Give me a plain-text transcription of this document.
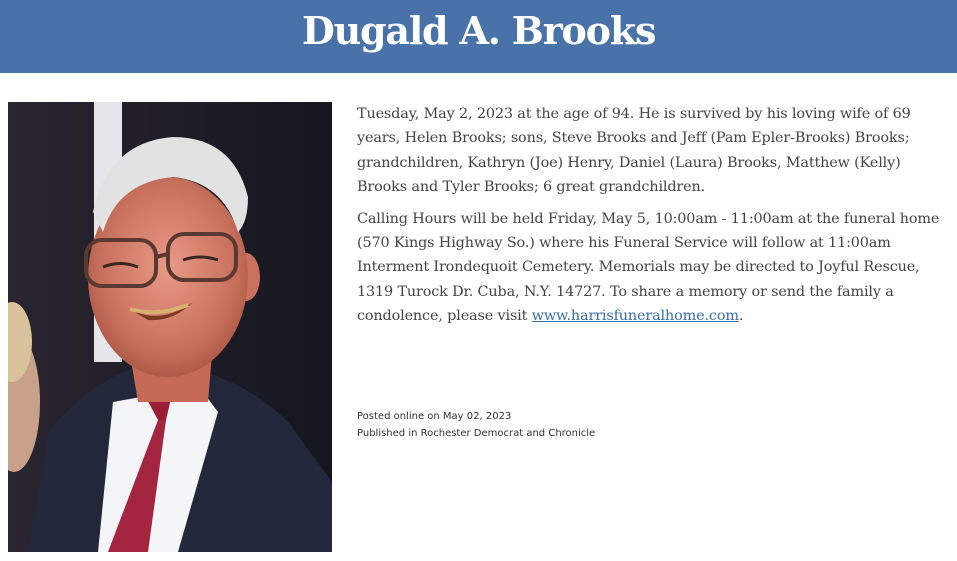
Dugald A. Brooks

Tuesday, May 2, 2023 at the age of 94. He is survived by his loving wife of 69 years, Helen Brooks; sons, Steve Brooks and Jeff (Pam Epler-Brooks) Brooks; grandchildren, Kathryn (Joe) Henry, Daniel (Laura) Brooks, Matthew (Kelly) Brooks and Tyler Brooks; 6 great grandchildren.

Calling Hours will be held Friday, May 5, 10:00am - 11:00am at the funeral home (570 Kings Highway So.) where his Funeral Service will follow at 11:00am Interment Irondequoit Cemetery. Memorials may be directed to Joyful Rescue, 1319 Turock Dr. Cuba, N.Y. 14727. To share a memory or send the family a condolence, please visit www.harrisfuneralhome.com.

Posted online on May 02, 2023
Published in Rochester Democrat and Chronicle
